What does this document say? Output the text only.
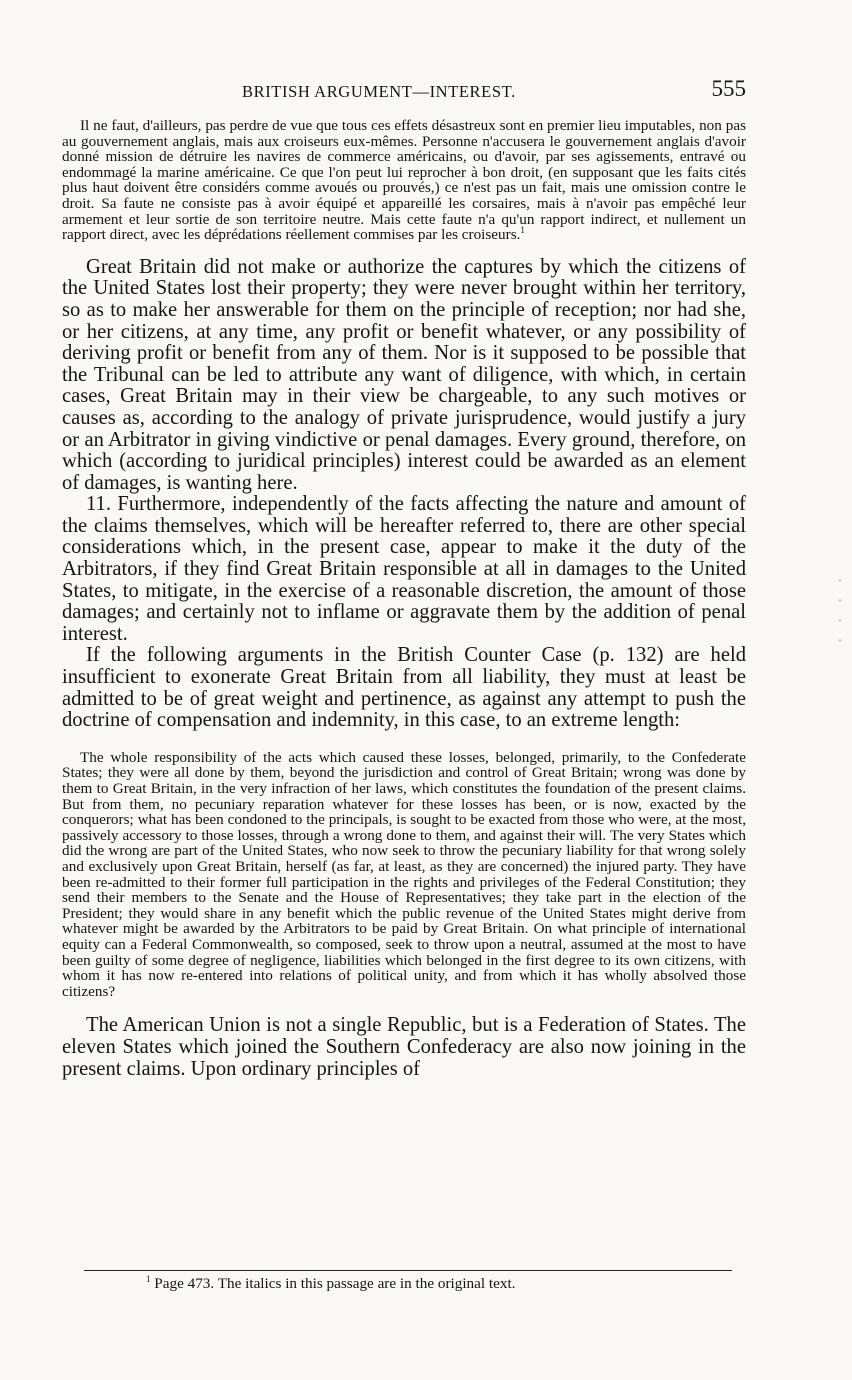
BRITISH ARGUMENT—INTEREST.	555

Il ne faut, d'ailleurs, pas perdre de vue que tous ces effets désastreux sont en premier lieu imputables, non pas au gouvernement anglais, mais aux croiseurs eux-mêmes. Personne n'accusera le gouvernement anglais d'avoir donné mission de détruire les navires de commerce américains, ou d'avoir, par ses agissements, entravé ou endommagé la marine américaine. Ce que l'on peut lui reprocher à bon droit, (en supposant que les faits cités plus haut doivent être considérs comme avoués ou prouvés,) ce n'est pas un fait, mais une omission contre le droit. Sa faute ne consiste pas à avoir équipé et appareillé les corsaires, mais à n'avoir pas empêché leur armement et leur sortie de son territoire neutre. Mais cette faute n'a qu'un rapport indirect, et nullement un rapport direct, avec les déprédations réellement commises par les croiseurs.$^1$

Great Britain did not make or authorize the captures by which the citizens of the United States lost their property; they were never brought within her territory, so as to make her answerable for them on the principle of reception; nor had she, or her citizens, at any time, any profit or benefit whatever, or any possibility of deriving profit or benefit from any of them. Nor is it supposed to be possible that the Tribunal can be led to attribute any want of diligence, with which, in certain cases, Great Britain may in their view be chargeable, to any such motives or causes as, according to the analogy of private jurisprudence, would justify a jury or an Arbitrator in giving vindictive or penal damages. Every ground, therefore, on which (according to juridical principles) interest could be awarded as an element of damages, is wanting here.

11. Furthermore, independently of the facts affecting the nature and amount of the claims themselves, which will be hereafter referred to, there are other special considerations which, in the present case, appear to make it the duty of the Arbitrators, if they find Great Britain responsible at all in damages to the United States, to mitigate, in the exercise of a reasonable discretion, the amount of those damages; and certainly not to inflame or aggravate them by the addition of penal interest.

If the following arguments in the British Counter Case (p. 132) are held insufficient to exonerate Great Britain from all liability, they must at least be admitted to be of great weight and pertinence, as against any attempt to push the doctrine of compensation and indemnity, in this case, to an extreme length:

The whole responsibility of the acts which caused these losses, belonged, primarily, to the Confederate States; they were all done by them, beyond the jurisdiction and control of Great Britain; wrong was done by them to Great Britain, in the very infraction of her laws, which constitutes the foundation of the present claims. But from them, no pecuniary reparation whatever for these losses has been, or is now, exacted by the conquerors; what has been condoned to the principals, is sought to be exacted from those who were, at the most, passively accessory to those losses, through a wrong done to them, and against their will. The very States which did the wrong are part of the United States, who now seek to throw the pecuniary liability for that wrong solely and exclusively upon Great Britain, herself (as far, at least, as they are concerned) the injured party. They have been re-admitted to their former full participation in the rights and privileges of the Federal Constitution; they send their members to the Senate and the House of Representatives; they take part in the election of the President; they would share in any benefit which the public revenue of the United States might derive from whatever might be awarded by the Arbitrators to be paid by Great Britain. On what principle of international equity can a Federal Commonwealth, so composed, seek to throw upon a neutral, assumed at the most to have been guilty of some degree of negligence, liabilities which belonged in the first degree to its own citizens, with whom it has now re-entered into relations of political unity, and from which it has wholly absolved those citizens?

The American Union is not a single Republic, but is a Federation of States. The eleven States which joined the Southern Confederacy are also now joining in the present claims. Upon ordinary principles of

$^1$ Page 473. The italics in this passage are in the original text.
·
·
·
·
